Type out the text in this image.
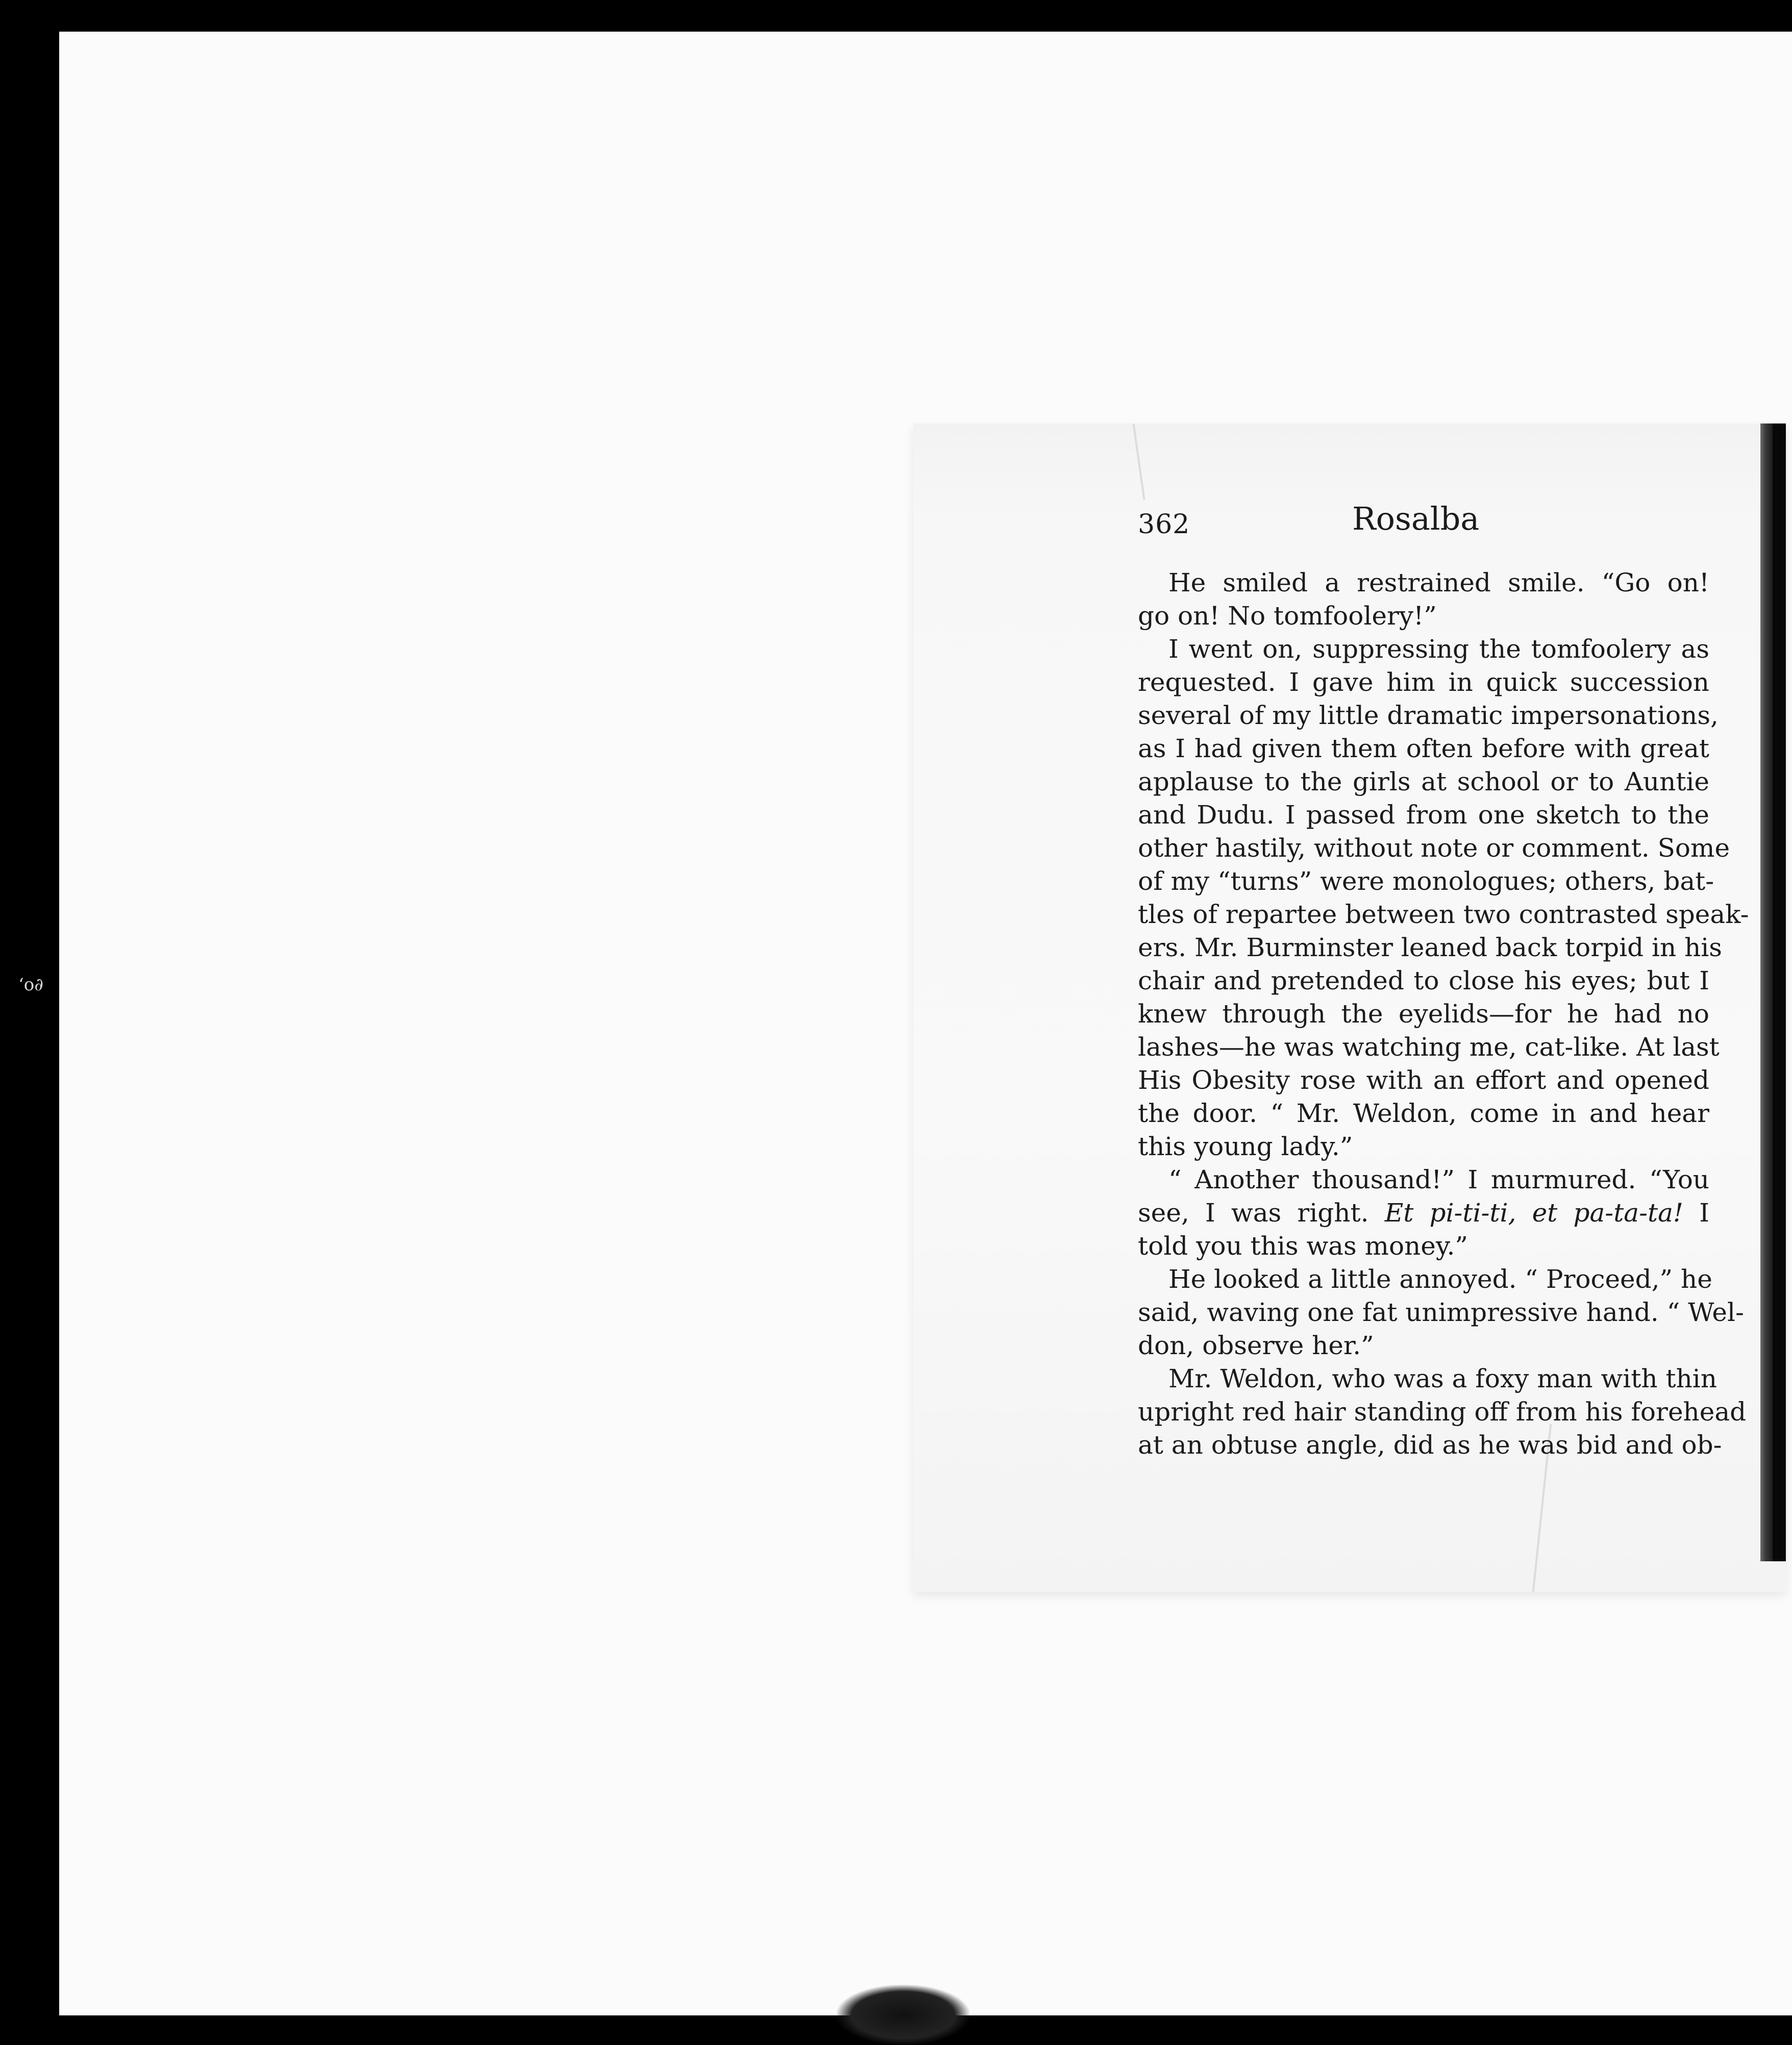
‘o∂
362	Rosalba
He smiled a restrained smile. “Go on!
go on! No tomfoolery!”
I went on, suppressing the tomfoolery as
requested. I gave him in quick succession
several of my little dramatic impersonations,
as I had given them often before with great
applause to the girls at school or to Auntie
and Dudu. I passed from one sketch to the
other hastily, without note or comment. Some
of my “turns” were monologues; others, bat-
tles of repartee between two contrasted speak-
ers. Mr. Burminster leaned back torpid in his
chair and pretended to close his eyes; but I
knew through the eyelids—for he had no
lashes—he was watching me, cat-like. At last
His Obesity rose with an effort and opened
the door. “ Mr. Weldon, come in and hear
this young lady.”
“ Another thousand!” I murmured. “You
see, I was right. Et pi-ti-ti, et pa-ta-ta! I
told you this was money.”
He looked a little annoyed. “ Proceed,” he
said, waving one fat unimpressive hand. “ Wel-
don, observe her.”
Mr. Weldon, who was a foxy man with thin
upright red hair standing off from his forehead
at an obtuse angle, did as he was bid and ob-
